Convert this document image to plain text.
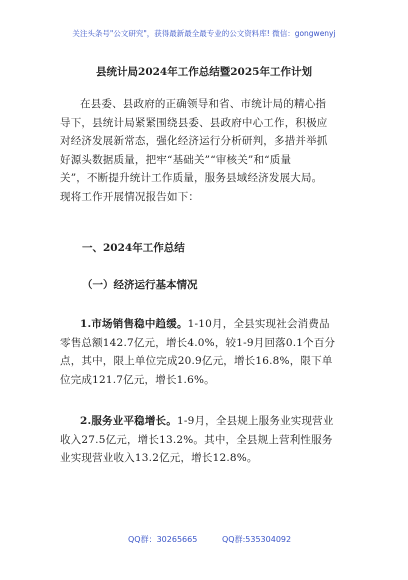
关注头条号"公文研究"，获得最新最全最专业的公文资料库! 微信：gongwenyj
县统计局2024年工作总结暨2025年工作计划
在县委、县政府的正确领导和省、市统计局的精心指
导下，县统计局紧紧围绕县委、县政府中心工作，积极应
对经济发展新常态，强化经济运行分析研判，多措并举抓
好源头数据质量，把牢“基础关”“审核关”和“质量
关”，不断提升统计工作质量，服务县域经济发展大局。
现将工作开展情况报告如下：
一、2024年工作总结
（一）经济运行基本情况
1.市场销售稳中趋缓。1-10月，全县实现社会消费品
零售总额142.7亿元，增长4.0%，较1-9月回落0.1个百分
点，其中，限上单位完成20.9亿元，增长16.8%，限下单
位完成121.7亿元，增长1.6%。
2.服务业平稳增长。1-9月，全县规上服务业实现营业
收入27.5亿元，增长13.2%。其中，全县规上营利性服务
业实现营业收入13.2亿元，增长12.8%。
QQ群：30265665	QQ群:535304092
